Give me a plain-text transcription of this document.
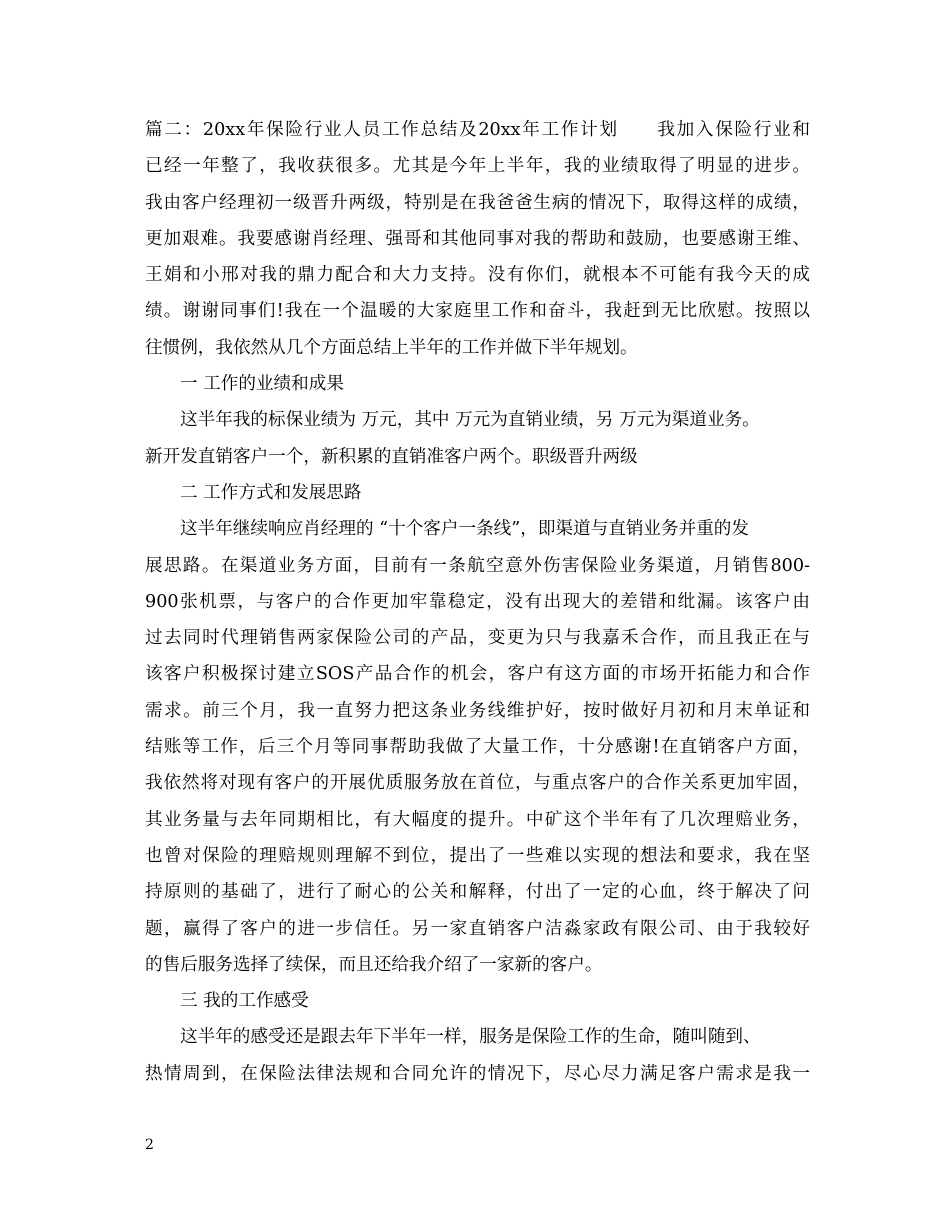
篇二：20xx年保险行业人员工作总结及20xx年工作计划　　我加入保险行业和
已经一年整了，我收获很多。尤其是今年上半年，我的业绩取得了明显的进步。
我由客户经理初一级晋升两级，特别是在我爸爸生病的情况下，取得这样的成绩，
更加艰难。我要感谢肖经理、强哥和其他同事对我的帮助和鼓励，也要感谢王维、
王娟和小邢对我的鼎力配合和大力支持。没有你们，就根本不可能有我今天的成
绩。谢谢同事们!我在一个温暖的大家庭里工作和奋斗，我赶到无比欣慰。按照以
往惯例，我依然从几个方面总结上半年的工作并做下半年规划。
一 工作的业绩和成果
这半年我的标保业绩为 万元，其中 万元为直销业绩，另 万元为渠道业务。
新开发直销客户一个，新积累的直销准客户两个。职级晋升两级
二 工作方式和发展思路
这半年继续响应肖经理的 “十个客户一条线”，即渠道与直销业务并重的发
展思路。在渠道业务方面，目前有一条航空意外伤害保险业务渠道，月销售800-
900张机票，与客户的合作更加牢靠稳定，没有出现大的差错和纰漏。该客户由
过去同时代理销售两家保险公司的产品，变更为只与我嘉禾合作，而且我正在与
该客户积极探讨建立SOS产品合作的机会，客户有这方面的市场开拓能力和合作
需求。前三个月，我一直努力把这条业务线维护好，按时做好月初和月末单证和
结账等工作，后三个月等同事帮助我做了大量工作，十分感谢!在直销客户方面，
我依然将对现有客户的开展优质服务放在首位，与重点客户的合作关系更加牢固，
其业务量与去年同期相比，有大幅度的提升。中矿这个半年有了几次理赔业务，
也曾对保险的理赔规则理解不到位，提出了一些难以实现的想法和要求，我在坚
持原则的基础了，进行了耐心的公关和解释，付出了一定的心血，终于解决了问
题，赢得了客户的进一步信任。另一家直销客户洁淼家政有限公司、由于我较好
的售后服务选择了续保，而且还给我介绍了一家新的客户。
三 我的工作感受
这半年的感受还是跟去年下半年一样，服务是保险工作的生命，随叫随到、
热情周到，在保险法律法规和合同允许的情况下，尽心尽力满足客户需求是我一
2
